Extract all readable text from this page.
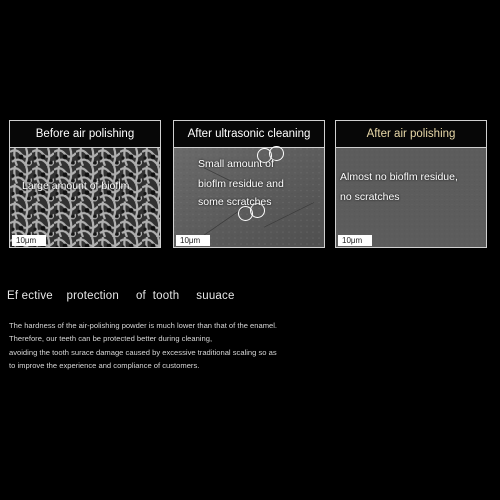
Before air polishing
Large amount of bioflm
10μm
After ultrasonic cleaning
Small amount of
bioflm residue and
some scratches
10μm
After air polishing
Almost no bioflm residue,
no scratches
10μm
Ef ective    protection     of  tooth     suuace
The hardness of the air-polishing powder is much lower than that of the enamel.
Therefore, our teeth can be protected better during cleaning,
avoiding the tooth surace damage caused by excessive traditional scaling so as
to improve the experience and compliance of customers.
